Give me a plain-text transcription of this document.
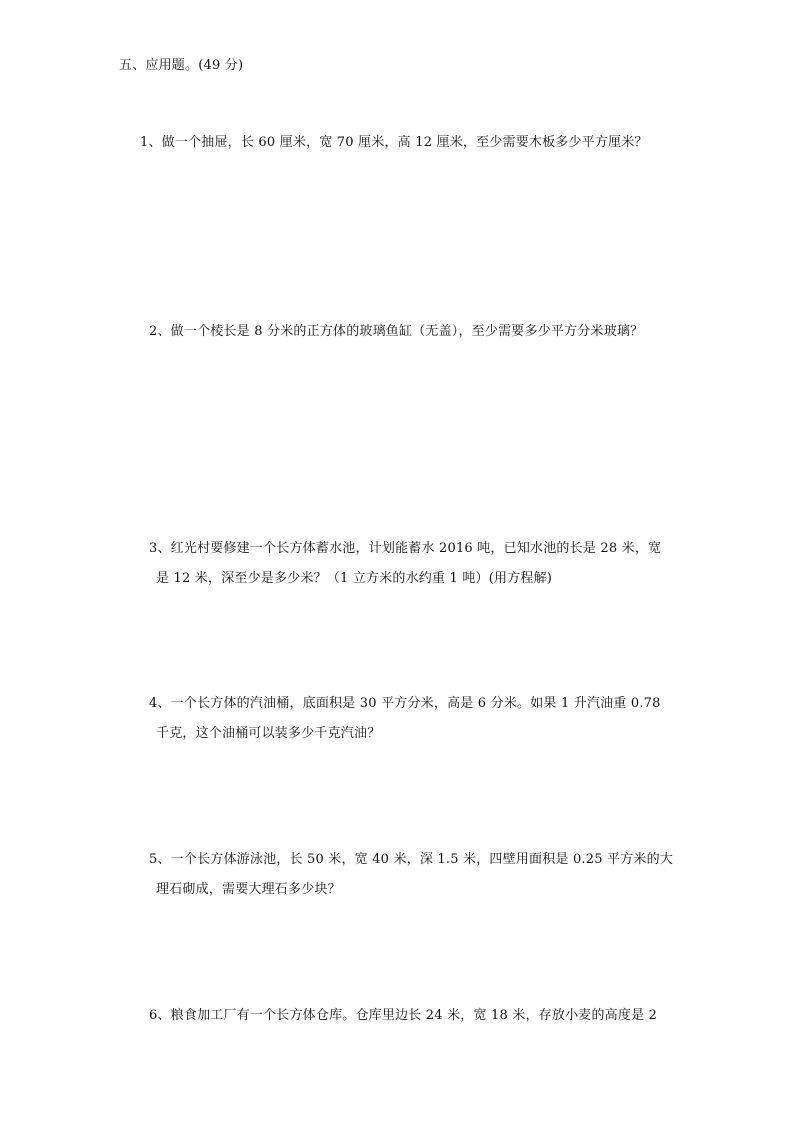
五、应用题。(49 分)
1、做一个抽屉，长 60 厘米，宽 70 厘米，高 12 厘米，至少需要木板多少平方厘米？
2、做一个棱长是 8 分米的正方体的玻璃鱼缸（无盖），至少需要多少平方分米玻璃？
3、红光村要修建一个长方体蓄水池，计划能蓄水 2016 吨，已知水池的长是 28 米，宽
是 12 米，深至少是多少米？（1 立方米的水约重 1 吨）(用方程解)
4、一个长方体的汽油桶，底面积是 30 平方分米，高是 6 分米。如果 1 升汽油重 0.78
千克，这个油桶可以装多少千克汽油？
5、一个长方体游泳池，长 50 米，宽 40 米，深 1.5 米，四壁用面积是 0.25 平方米的大
理石砌成，需要大理石多少块？
6、粮食加工厂有一个长方体仓库。仓库里边长 24 米，宽 18 米，存放小麦的高度是 2
